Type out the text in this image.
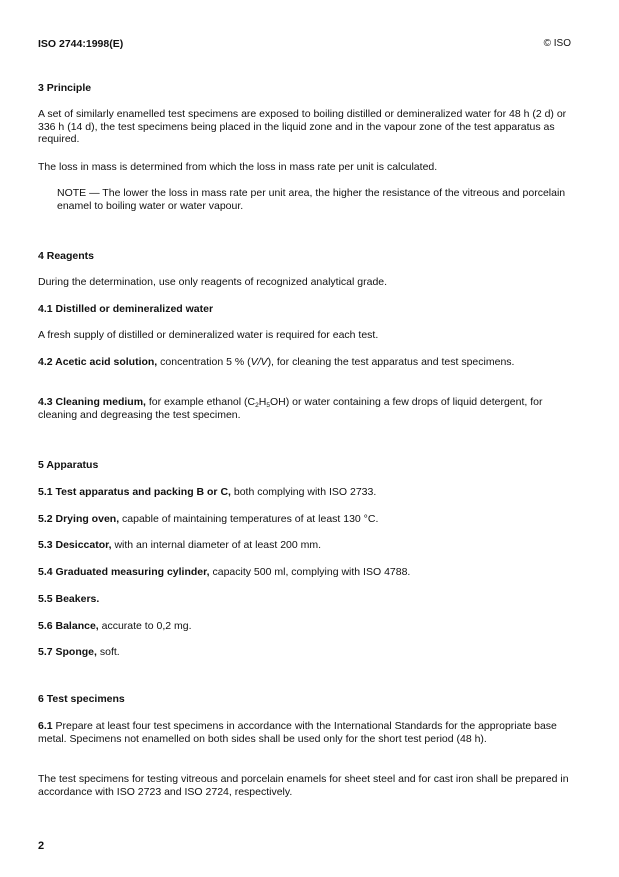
ISO 2744:1998(E)	© ISO
3 Principle
A set of similarly enamelled test specimens are exposed to boiling distilled or demineralized water for 48 h (2 d) or 336 h (14 d), the test specimens being placed in the liquid zone and in the vapour zone of the test apparatus as required.
The loss in mass is determined from which the loss in mass rate per unit is calculated.
NOTE — The lower the loss in mass rate per unit area, the higher the resistance of the vitreous and porcelain enamel to boiling water or water vapour.
4 Reagents
During the determination, use only reagents of recognized analytical grade.
4.1 Distilled or demineralized water
A fresh supply of distilled or demineralized water is required for each test.
4.2 Acetic acid solution, concentration 5 % (V/V), for cleaning the test apparatus and test specimens.
4.3 Cleaning medium, for example ethanol $(C_2H_5OH)$ or water containing a few drops of liquid detergent, for cleaning and degreasing the test specimen.
5 Apparatus
5.1 Test apparatus and packing B or C, both complying with ISO 2733.
5.2 Drying oven, capable of maintaining temperatures of at least 130 °C.
5.3 Desiccator, with an internal diameter of at least 200 mm.
5.4 Graduated measuring cylinder, capacity 500 ml, complying with ISO 4788.
5.5 Beakers.
5.6 Balance, accurate to 0,2 mg.
5.7 Sponge, soft.
6 Test specimens
6.1 Prepare at least four test specimens in accordance with the International Standards for the appropriate base metal. Specimens not enamelled on both sides shall be used only for the short test period (48 h).
The test specimens for testing vitreous and porcelain enamels for sheet steel and for cast iron shall be prepared in accordance with ISO 2723 and ISO 2724, respectively.
2
